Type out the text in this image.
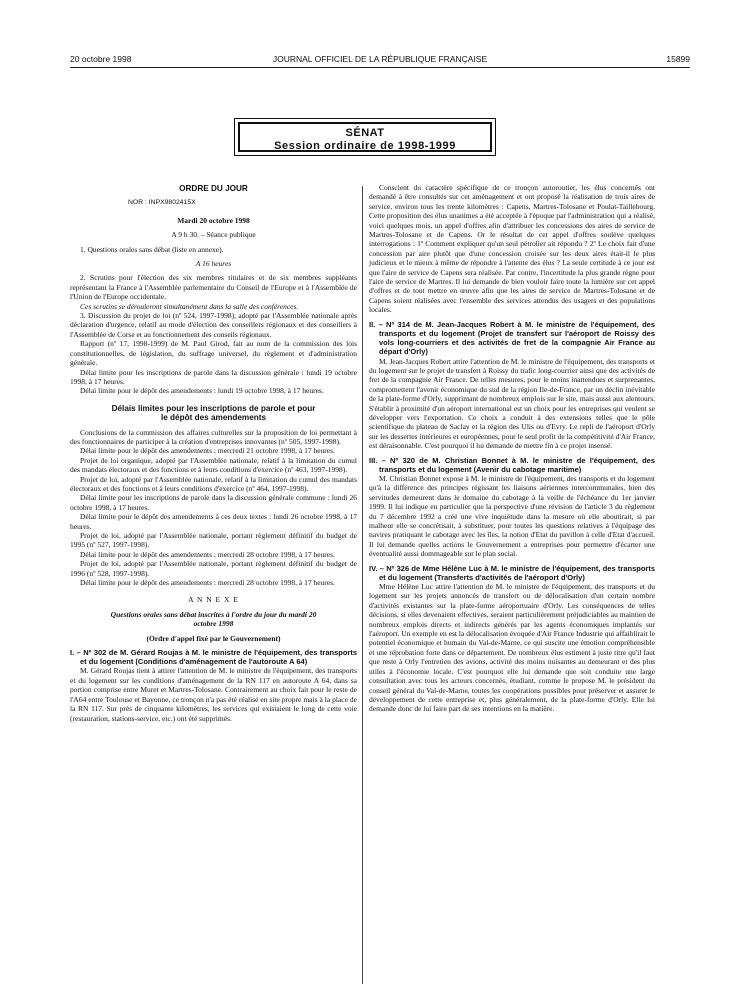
20 octobre 1998	JOURNAL OFFICIEL DE LA RÉPUBLIQUE FRANÇAISE	15899
SÉNAT
Session ordinaire de 1998-1999
ORDRE DU JOUR

NOR : INPX9802415X

Mardi 20 octobre 1998

A 9 h 30. – Séance publique

1. Questions orales sans débat (liste en annexe).

A 16 heures

2. Scrutins pour l'élection des six membres titulaires et de six membres suppléants représentant la France à l'Assemblée parlementaire du Conseil de l'Europe et à l'Assemblée de l'Union de l'Europe occidentale.

Ces scrutins se dérouleront simultanément dans la salle des conférences.

3. Discussion du projet de loi (nº 524, 1997-1998), adopté par l'Assemblée nationale après déclaration d'urgence, relatif au mode d'élection des conseillers régionaux et des conseillers à l'Assemblée de Corse et au fonctionnement des conseils régionaux.

Rapport (nº 17, 1998-1999) de M. Paul Girod, fait au nom de la commission des lois constitutionnelles, de législation, du suffrage universel, du règlement et d'administration générale.

Délai limite pour les inscriptions de parole dans la discussion générale : lundi 19 octobre 1998, à 17 heures.

Délai limite pour le dépôt des amendements : lundi 19 octobre 1998, à 17 heures.

Délais limites pour les inscriptions de parole et pour le dépôt des amendements

Conclusions de la commission des affaires culturelles sur la proposition de loi permettant à des fonctionnaires de participer à la création d'entreprises innovantes (nº 505, 1997-1998).

Délai limite pour le dépôt des amendements : mercredi 21 octobre 1998, à 17 heures.

Projet de loi organique, adopté par l'Assemblée nationale, relatif à la limitation du cumul des mandats électoraux et des fonctions et à leurs conditions d'exercice (nº 463, 1997-1998).

Projet de loi, adopté par l'Assemblée nationale, relatif à la limitation du cumul des mandats électoraux et des fonctions et à leurs conditions d'exercice (nº 464, 1997-1998).

Délai limite pour les inscriptions de parole dans la discussion générale commune : lundi 26 octobre 1998, à 17 heures.

Délai limite pour le dépôt des amendements à ces deux textes : lundi 26 octobre 1998, à 17 heures.

Projet de loi, adopté par l'Assemblée nationale, portant règlement définitif du budget de 1995 (nº 527, 1997-1998).

Délai limite pour le dépôt des amendements : mercredi 28 octobre 1998, à 17 heures.

Projet de loi, adopté par l'Assemblée nationale, portant règlement définitif du budget de 1996 (nº 528, 1997-1998).

Délai limite pour le dépôt des amendements : mercredi 28 octobre 1998, à 17 heures.

A N N E X E

Questions orales sans débat inscrites à l'ordre du jour du mardi 20 octobre 1998

(Ordre d'appel fixé par le Gouvernement)

I. – Nº 302 de M. Gérard Roujas à M. le ministre de l'équipement, des transports et du logement (Conditions d'aménagement de l'autoroute A 64)

M. Gérard Roujas tient à attirer l'attention de M. le ministre de l'équipement, des transports et du logement sur les conditions d'aménagement de la RN 117 en autoroute A 64, dans sa portion comprise entre Muret et Martres-Tolosane. Contrairement au choix fait pour le reste de l'A64 entre Toulouse et Bayonne, ce tronçon n'a pas été réalisé en site propre mais à la place de la RN 117. Sur près de cinquante kilomètres, les services qui existaient le long de cette voie (restauration, stations-service, etc.) ont été supprimés.

Conscient du caractère spécifique de ce tronçon autoroutier, les élus concernés ont demandé à être consultés sur cet aménagement et ont proposé la réalisation de trois aires de service, environ tous les trente kilomètres : Capens, Martres-Tolosane et Poulat-Taillebourg. Cette proposition des élus unanimes a été acceptée à l'époque par l'administration qui a réalisé, voici quelques mois, un appel d'offres afin d'attribuer les concessions des aires de service de Martres-Tolosane et de Capens. Or le résultat de cet appel d'offres soulève quelques interrogations : 1º Comment expliquer qu'un seul pétrolier ait répondu ? 2º Le choix fait d'une concession par aire plutôt que d'une concession croisée sur les deux aires était-il le plus judicieux et le mieux à même de répondre à l'attente des élus ? La seule certitude à ce jour est que l'aire de service de Capens sera réalisée. Par contre, l'incertitude la plus grande règne pour l'aire de service de Martres. Il lui demande de bien vouloir faire toute la lumière sur cet appel d'offres et de tout mettre en œuvre afin que les aires de service de Martres-Tolosane et de Capens soient réalisées avec l'ensemble des services attendus des usagers et des populations locales.

II. – Nº 314 de M. Jean-Jacques Robert à M. le ministre de l'équipement, des transports et du logement (Projet de transfert sur l'aéroport de Roissy des vols long-courriers et des activités de fret de la compagnie Air France au départ d'Orly)

M. Jean-Jacques Robert attire l'attention de M. le ministre de l'équipement, des transports et du logement sur le projet de transfert à Roissy du trafic long-courrier ainsi que des activités de fret de la compagnie Air France. De telles mesures, pour le moins inattendues et surprenantes, compromettent l'avenir économique du sud de la région Ile-de-France, par un déclin inévitable de la plate-forme d'Orly, supprimant de nombreux emplois sur le site, mais aussi aux alentours. S'établir à proximité d'un aéroport international est un choix pour les entreprises qui veulent se développer vers l'exportation. Ce choix a conduit à des extensions telles que le pôle scientifique du plateau de Saclay et la région des Ulis ou d'Evry. Le repli de l'aéroport d'Orly sur les dessertes intérieures et européennes, pour le seul profit de la compétitivité d'Air France, est déraisonnable. C'est pourquoi il lui demande de mettre fin à ce projet insensé.

III. – Nº 320 de M. Christian Bonnet à M. le ministre de l'équipement, des transports et du logement (Avenir du cabotage maritime)

M. Christian Bonnet expose à M. le ministre de l'équipement, des transports et du logement qu'à la différence des principes régissant les liaisons aériennes intercommunales, bien des servitudes demeurent dans le domaine du cabotage à la veille de l'échéance du 1er janvier 1999. Il lui indique en particulier que la perspective d'une révision de l'article 3 du règlement du 7 décembre 1992 a créé une vive inquiétude dans la mesure où elle aboutirait, si par malheur elle se concrétisait, à substituer, pour toutes les questions relatives à l'équipage des navires pratiquant le cabotage avec les îles, la notion d'Etat du pavillon à celle d'Etat d'accueil. Il lui demande quelles actions le Gouvernement a entreprises pour permettre d'écarter une éventualité aussi dommageable sur le plan social.

IV. – Nº 326 de Mme Hélène Luc à M. le ministre de l'équipement, des transports et du logement (Transferts d'activités de l'aéroport d'Orly)

Mme Hélène Luc attire l'attention de M. le ministre de l'équipement, des transports et du logement sur les projets annoncés de transfert ou de délocalisation d'un certain nombre d'activités existantes sur la plate-forme aéroportuaire d'Orly. Les conséquences de telles décisions, si elles devenaient effectives, seraient particulièrement préjudiciables au maintien de nombreux emplois directs et indirects générés par les agents économiques implantés sur l'aéroport. Un exemple en est la délocalisation évoquée d'Air France Industrie qui affaiblirait le potentiel économique et humain du Val-de-Marne, ce qui suscite une émotion compréhensible et une réprobation forte dans ce département. De nombreux élus estiment à juste titre qu'il faut que reste à Orly l'entretien des avions, activité des moins nuisantes au demeurant et des plus utiles à l'économie locale. C'est pourquoi elle lui demande que soit conduite une large consultation avec tous les acteurs concernés, étudiant, comme le propose M. le président du conseil général du Val-de-Marne, toutes les coopérations possibles pour préserver et assurer le développement de cette entreprise et, plus généralement, de la plate-forme d'Orly. Elle lui demande donc de lui faire part de ses intentions en la matière.
